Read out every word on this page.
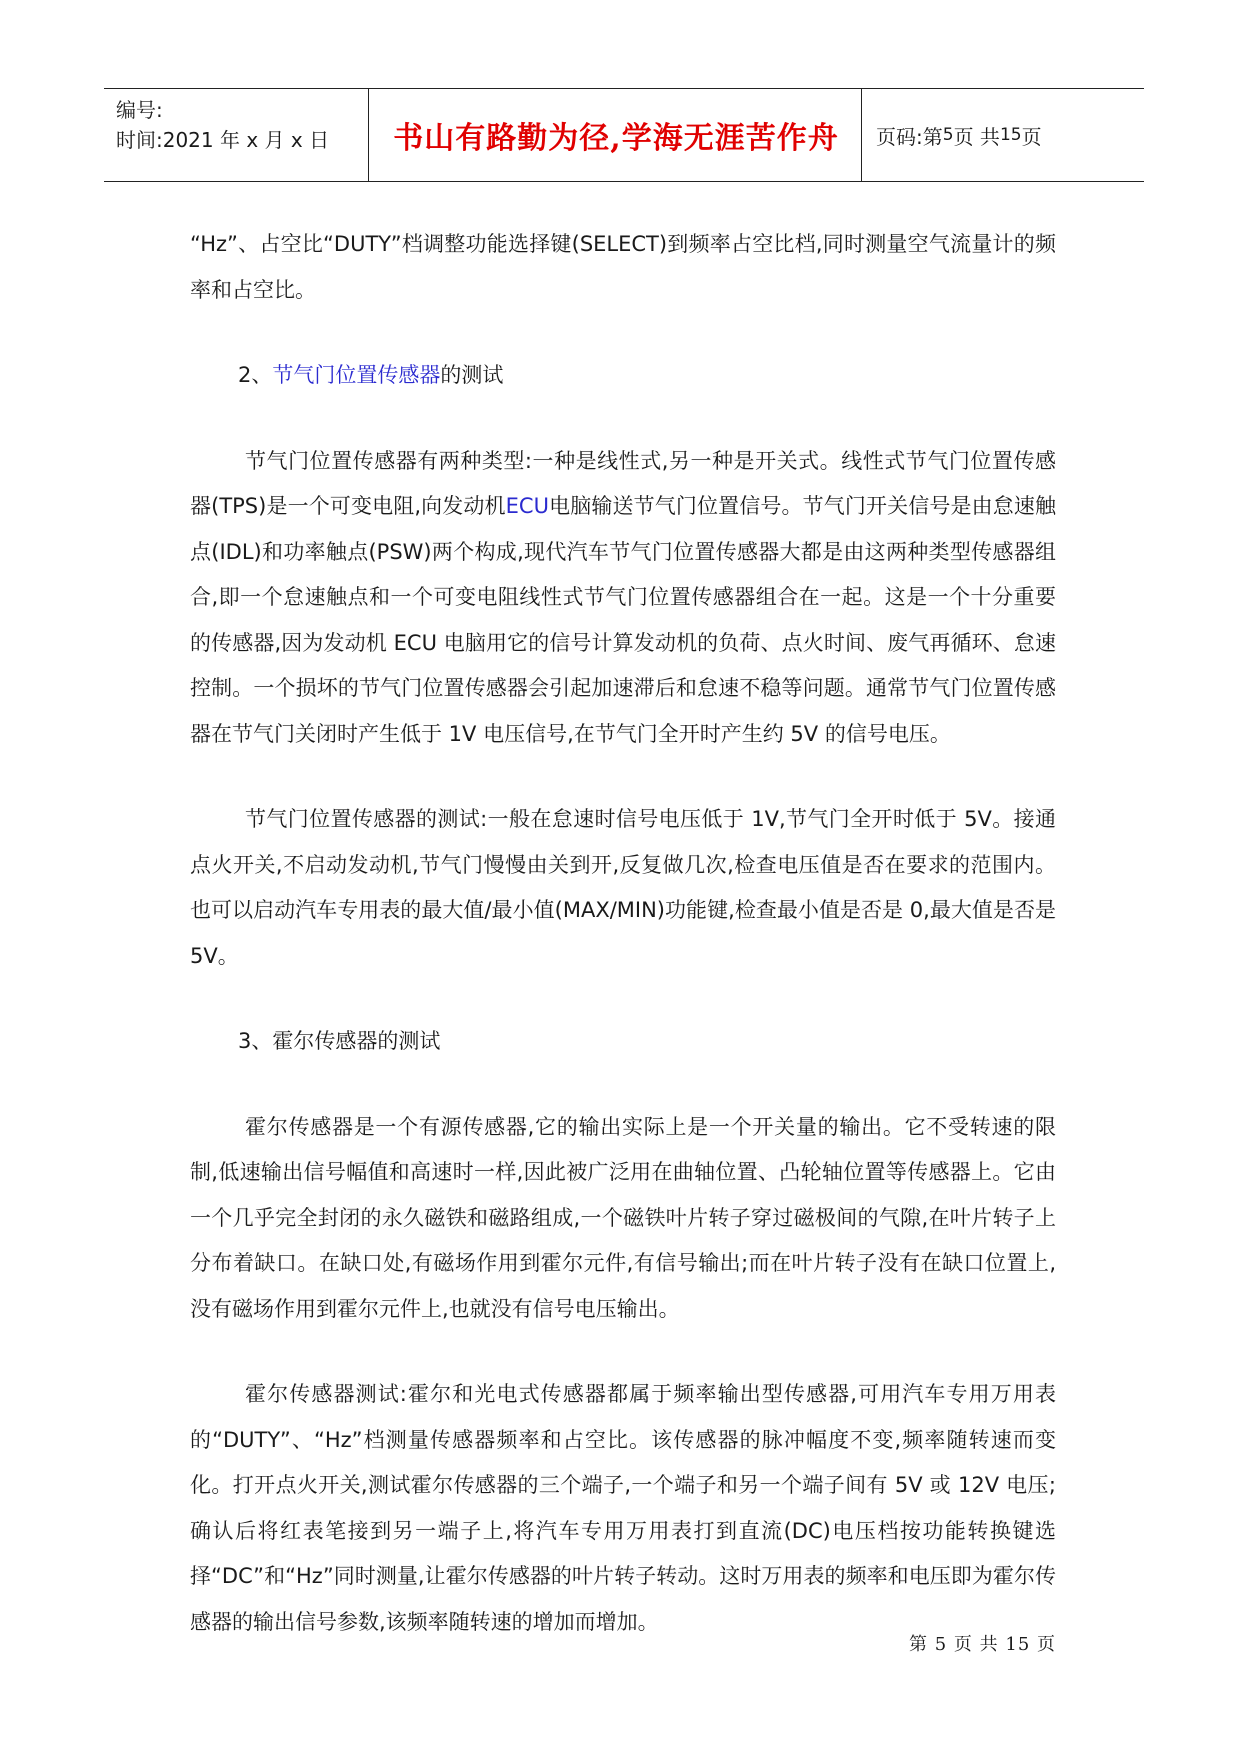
编号:
时间:2021 年 x 月 x 日	书山有路勤为径,学海无涯苦作舟	页码:第 5 页 共 15 页

“Hz”、占空比“DUTY”档调整功能选择键(SELECT)到频率占空比档,同时测量空气流量计的频率和占空比。

2、节气门位置传感器的测试

节气门位置传感器有两种类型:一种是线性式,另一种是开关式。线性式节气门位置传感器(TPS)是一个可变电阻,向发动机ECU电脑输送节气门位置信号。节气门开关信号是由怠速触点(IDL)和功率触点(PSW)两个构成,现代汽车节气门位置传感器大都是由这两种类型传感器组合,即一个怠速触点和一个可变电阻线性式节气门位置传感器组合在一起。这是一个十分重要的传感器,因为发动机 ECU 电脑用它的信号计算发动机的负荷、点火时间、废气再循环、怠速控制。一个损坏的节气门位置传感器会引起加速滞后和怠速不稳等问题。通常节气门位置传感器在节气门关闭时产生低于 1V 电压信号,在节气门全开时产生约 5V 的信号电压。

节气门位置传感器的测试:一般在怠速时信号电压低于 1V,节气门全开时低于 5V。接通点火开关,不启动发动机,节气门慢慢由关到开,反复做几次,检查电压值是否在要求的范围内。也可以启动汽车专用表的最大值/最小值(MAX/MIN)功能键,检查最小值是否是 0,最大值是否是 5V。

3、霍尔传感器的测试

霍尔传感器是一个有源传感器,它的输出实际上是一个开关量的输出。它不受转速的限制,低速输出信号幅值和高速时一样,因此被广泛用在曲轴位置、凸轮轴位置等传感器上。它由一个几乎完全封闭的永久磁铁和磁路组成,一个磁铁叶片转子穿过磁极间的气隙,在叶片转子上分布着缺口。在缺口处,有磁场作用到霍尔元件,有信号输出;而在叶片转子没有在缺口位置上,没有磁场作用到霍尔元件上,也就没有信号电压输出。

霍尔传感器测试:霍尔和光电式传感器都属于频率输出型传感器,可用汽车专用万用表的“DUTY”、“Hz”档测量传感器频率和占空比。该传感器的脉冲幅度不变,频率随转速而变化。打开点火开关,测试霍尔传感器的三个端子,一个端子和另一个端子间有 5V 或 12V 电压;确认后将红表笔接到另一端子上,将汽车专用万用表打到直流(DC)电压档按功能转换键选择“DC”和“Hz”同时测量,让霍尔传感器的叶片转子转动。这时万用表的频率和电压即为霍尔传感器的输出信号参数,该频率随转速的增加而增加。

第 5 页 共 15 页
